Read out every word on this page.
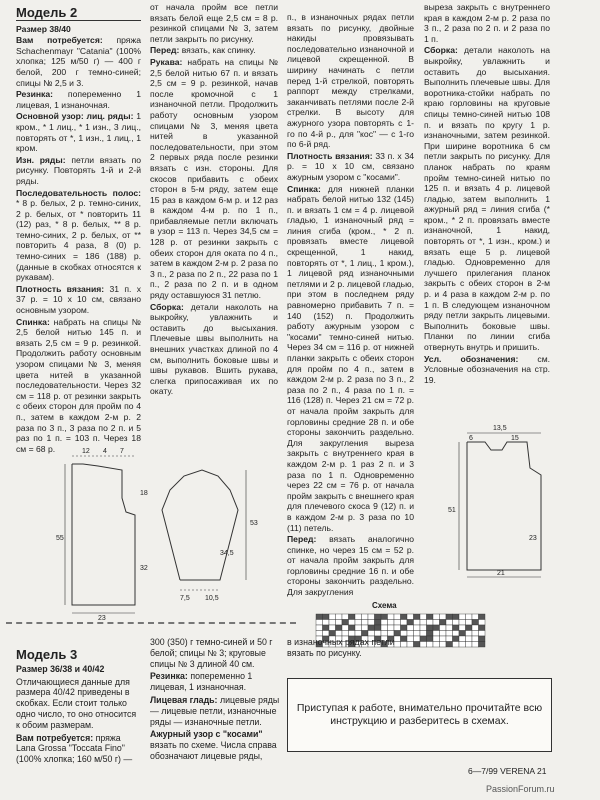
Модель 2

Размер 38/40

Вам потребуется: пряжа Schachenmayr "Catania" (100% хлопка; 125 м/50 г) — 400 г белой, 200 г темно-синей; спицы № 2,5 и 3.

Резинка: попеременно 1 лицевая, 1 изнаночная.

Основной узор: лиц. ряды: 1 кром., * 1 лиц., * 1 изн., 3 лиц., повторять от *, 1 изн., 1 лиц., 1 кром.

Изн. ряды: петли вязать по рисунку. Повторять 1-й и 2-й ряды.

Последовательность полос: * 8 р. белых, 2 р. темно-синих, 2 р. белых, от * повторить 11 (12) раз, * 8 р. белых, ** 8 р. темно-синих, 2 р. белых, от ** повторить 4 раза, 8 (0) р. темно-синих = 186 (188) р. (данные в скобках относятся к рукавам).

Плотность вязания: 31 п. x 37 р. = 10 x 10 см, связано основным узором.

Спинка: набрать на спицы № 2,5 белой нитью 145 п. и вязать 2,5 см = 9 р. резинкой. Продолжить работу основным узором спицами № 3, меняя цвета нитей в указанной последовательности. Через 32 см = 118 р. от резинки закрыть с обеих сторон для пройм по 4 п., затем в каждом 2-м р. 2 раза по 3 п., 3 раза по 2 п. и 5 раз по 1 п. = 103 п. Через 18 см = 68 р.

от начала пройм все петли вязать белой еще 2,5 см = 8 р. резинкой спицами № 3, затем петли закрыть по рисунку.

Перед: вязать, как спинку.

Рукава: набрать на спицы № 2,5 белой нитью 67 п. и вязать 2,5 см = 9 р. резинкой, начав после кромочной с 1 изнаночной петли. Продолжить работу основным узором спицами № 3, меняя цвета нитей в указанной последовательности, при этом 2 первых ряда после резинки вязать с изн. стороны. Для скосов прибавить с обеих сторон в 5-м ряду, затем еще 15 раз в каждом 6-м р. и 12 раз в каждом 4-м р. по 1 п., прибавляемые петли включать в узор = 113 п. Через 34,5 см = 128 р. от резинки закрыть с обеих сторон для оката по 4 п., затем в каждом 2-м р. 2 раза по 3 п., 2 раза по 2 п., 22 раза по 1 п., 2 раза по 2 п. и в одном ряду оставшуюся 31 петлю.

Сборка: детали наколоть на выкройку, увлажнить и оставить до высыхания. Плечевые швы выполнить на внешних участках длиной по 4 см, выполнить боковые швы и швы рукавов. Вшить рукава, слегка припосаживая их по окату.

п., в изнаночных рядах петли вязать по рисунку, двойные накиды провязывать последовательно изнаночной и лицевой скрещенной. В ширину начинать с петли перед 1-й стрелкой, повторять раппорт между стрелками, заканчивать петлями после 2-й стрелки. В высоту для ажурного узора повторять с 1-го по 4-й р., для "кос" — с 1-го по 6-й ряд.

Плотность вязания: 33 п. x 34 р. = 10 x 10 см, связано ажурным узором с "косами".

Спинка: для нижней планки набрать белой нитью 132 (145) п. и вязать 1 см = 4 р. лицевой гладью, 1 изнаночный ряд = линия сгиба (кром., * 2 п. провязать вместе лицевой скрещенной, 1 накид, повторять от *, 1 лиц., 1 кром.), 1 лицевой ряд изнаночными петлями и 2 р. лицевой гладью, при этом в последнем ряду равномерно прибавить 7 п. = 140 (152) п. Продолжить работу ажурным узором с "косами" темно-синей нитью. Через 34 см = 116 р. от нижней планки закрыть с обеих сторон для пройм по 4 п., затем в каждом 2-м р. 2 раза по 3 п., 2 раза по 2 п., 4 раза по 1 п. = 116 (128) п. Через 21 см = 72 р. от начала пройм закрыть для горловины средние 28 п. и обе стороны закончить раздельно. Для закругления выреза закрыть с внутреннего края в каждом 2-м р. 1 раз 2 п. и 3 раза по 1 п. Одновременно через 22 см = 76 р. от начала пройм закрыть с внешнего края для плечевого скоса 9 (12) п. и в каждом 2-м р. 3 раза по 10 (11) петель.

Перед: вязать аналогично спинке, но через 15 см = 52 р. от начала пройм закрыть для горловины средние 16 п. и обе стороны закончить раздельно. Для закругления

выреза закрыть с внутреннего края в каждом 2-м р. 2 раза по 3 п., 2 раза по 2 п. и 2 раза по 1 п.

Сборка: детали наколоть на выкройку, увлажнить и оставить до высыхания. Выполнить плечевые швы. Для воротника-стойки набрать по краю горловины на круговые спицы темно-синей нитью 108 п. и вязать по кругу 1 р. изнаночными, затем резинкой. При ширине воротника 6 см петли закрыть по рисунку. Для планок набрать по краям пройм темно-синей нитью по 125 п. и вязать 4 р. лицевой гладью, затем выполнить 1 ажурный ряд = линия сгиба (* кром., * 2 п. провязать вместе изнаночной, 1 накид, повторять от *, 1 изн., кром.) и вязать еще 5 р. лицевой гладью. Одновременно для лучшего прилегания планок закрыть с обеих сторон в 2-м р. и 4 раза в каждом 2-м р. по 1 п. В следующем изнаночном ряду петли закрыть лицевыми. Выполнить боковые швы. Планки по линии сгиба отвернуть внутрь и пришить.

Усл. обозначения: см. Условные обозначения на стр. 19.

12 4 7
55
32
23
18
34,5
53
7,5 10,5
13,5
6	15
51
21
23
Схема
Модель 3

Размер 36/38 и 40/42

Отличающиеся данные для размера 40/42 приведены в скобках. Если стоит только одно число, то оно относится к обоим размерам.

Вам потребуется: пряжа Lana Grossa "Toccata Fino" (100% хлопка; 160 м/50 г) —

300 (350) г темно-синей и 50 г белой; спицы № 3; круговые спицы № 3 длиной 40 см.

Резинка: попеременно 1 лицевая, 1 изнаночная.

Лицевая гладь: лицевые ряды — лицевые петли, изнаночные ряды — изнаночные петли.

Ажурный узор с "косами" вязать по схеме. Числа справа обозначают лицевые ряды,

в изнаночных рядах петли вязать по рисунку.

Приступая к работе, внимательно прочитайте всю инструкцию и разберитесь в схемах.
6—7/99 VERENA 21
PassionForum.ru
